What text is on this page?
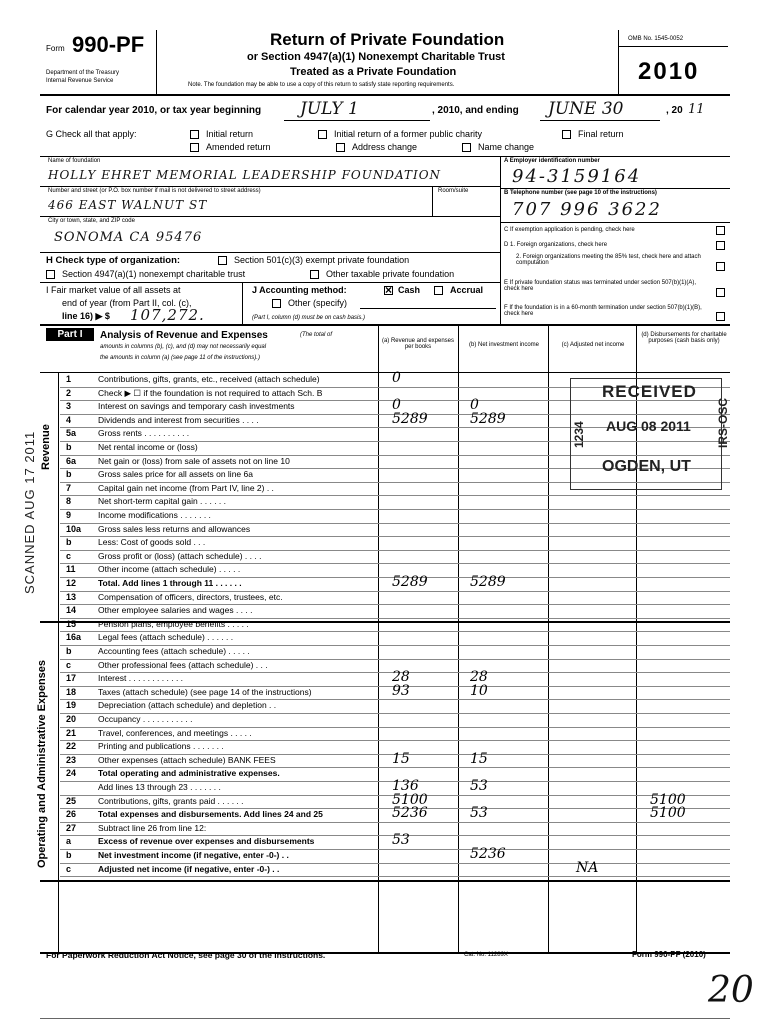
Form 990-PF
Department of the Treasury
Internal Revenue Service
Return of Private Foundation
or Section 4947(a)(1) Nonexempt Charitable Trust
Treated as a Private Foundation
Note. The foundation may be able to use a copy of this return to satisfy state reporting requirements.
OMB No. 1545-0052
2010
For calendar year 2010, or tax year beginning JULY 1	, 2010, and ending JUNE 30	, 20 11
G Check all that apply:	Initial return	Initial return of a former public charity	Final return
Amended return	Address change	Name change
Name of foundation
HOLLY EHRET MEMORIAL LEADERSHIP FOUNDATION
Number and street (or P.O. box number if mail is not delivered to street address)	Room/suite
466 EAST WALNUT ST
City or town, state, and ZIP code
SONOMA CA 95476
A Employer identification number
94-3159164
B Telephone number (see page 10 of the instructions)
707 996 3622
C If exemption application is pending, check here
D 1. Foreign organizations, check here
2. Foreign organizations meeting the 85% test, check here and attach computation
E If private foundation status was terminated under section 507(b)(1)(A), check here
F If the foundation is in a 60-month termination under section 507(b)(1)(B), check here
H Check type of organization:	Section 501(c)(3) exempt private foundation
Section 4947(a)(1) nonexempt charitable trust	Other taxable private foundation
I Fair market value of all assets at
end of year (from Part II, col. (c),
line 16) ▶ $ 107,272.
J Accounting method:
×	Cash	Accrual
Other (specify)
(Part I, column (d) must be on cash basis.)
Part I	Analysis of Revenue and Expenses	(The total of
amounts in columns (b), (c), and (d) may not necessarily equal
the amounts in column (a) (see page 11 of the instructions).)
(a) Revenue and expenses per books	(b) Net investment income	(c) Adjusted net income
(d) Disbursements for charitable purposes (cash basis only)
Revenue
Operating and Administrative Expenses
1	Contributions, gifts, grants, etc., received (attach schedule)	0
2	Check ▶ ☐ if the foundation is not required to attach Sch. B
3	Interest on savings and temporary cash investments	0	0
4	Dividends and interest from securities . . . .	5289	5289
5a	Gross rents . . . . . . . . . .
b	Net rental income or (loss)
6a	Net gain or (loss) from sale of assets not on line 10
b	Gross sales price for all assets on line 6a
7	Capital gain net income (from Part IV, line 2) . .
8	Net short-term capital gain . . . . . .
9	Income modifications . . . . . . .
10a Gross sales less returns and allowances
b	Less: Cost of goods sold . . .
c	Gross profit or (loss) (attach schedule) . . . .
11	Other income (attach schedule) . . . . .
12	Total. Add lines 1 through 11 . . . . . .	5289	5289
13	Compensation of officers, directors, trustees, etc.
14	Other employee salaries and wages . . . .
15	Pension plans, employee benefits . . . . .
16a Legal fees (attach schedule) . . . . . .
b	Accounting fees (attach schedule) . . . . .
c	Other professional fees (attach schedule) . . .
17	Interest . . . . . . . . . . . .	28	28
18	Taxes (attach schedule) (see page 14 of the instructions)	93	10
19	Depreciation (attach schedule) and depletion . .
20	Occupancy . . . . . . . . . . .
21	Travel, conferences, and meetings . . . . .
22	Printing and publications . . . . . . .
23	Other expenses (attach schedule) BANK FEES	15	15
24	Total operating and administrative expenses.
Add lines 13 through 23 . . . . . . .	136	53
25	Contributions, gifts, grants paid . . . . . .	5100	5100
26	Total expenses and disbursements. Add lines 24 and 25	5236	53	5100
27	Subtract line 26 from line 12:
a	Excess of revenue over expenses and disbursements	53
b	Net investment income (if negative, enter -0-) . .	5236
c	Adjusted net income (if negative, enter -0-) . .	NA
RECEIVED
AUG 08 2011
OGDEN, UT
1234	IRS-OSC
SCANNED AUG 17 2011
For Paperwork Reduction Act Notice, see page 30 of the instructions.	Cat. No. 11289X	Form 990-PF (2010)
20
